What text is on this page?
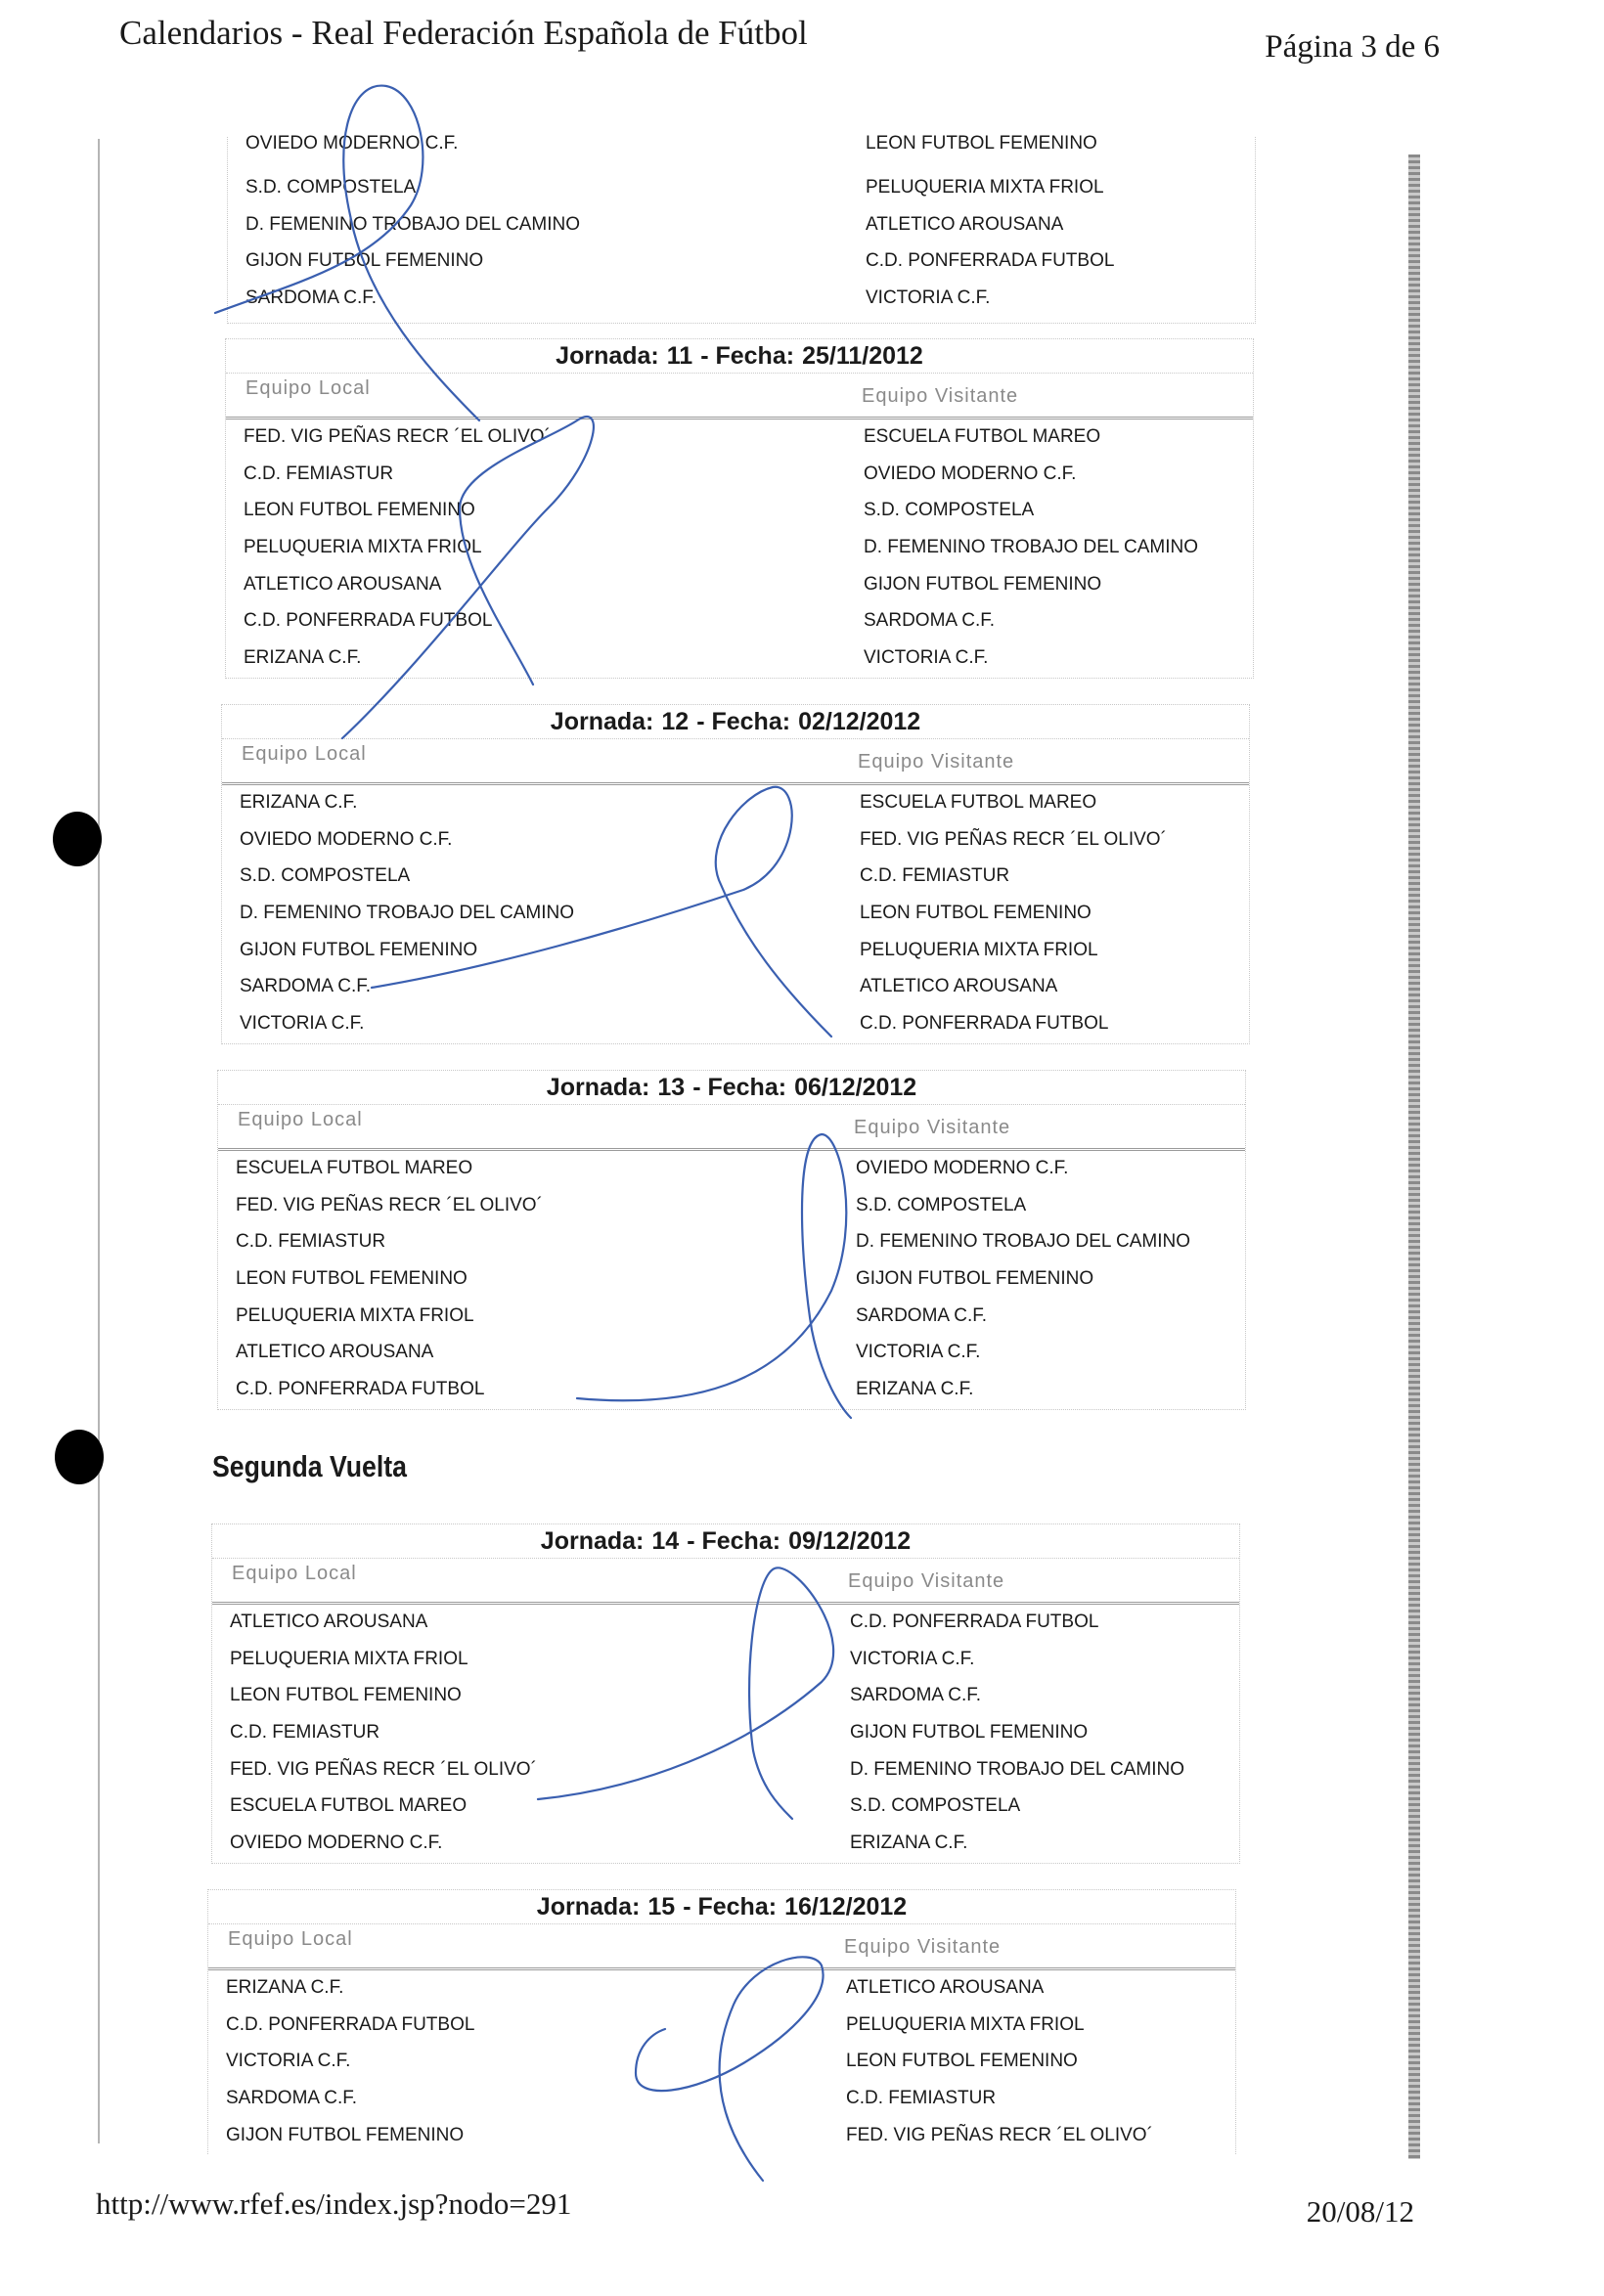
Calendarios - Real Federación Española de Fútbol	Página 3 de 6
OVIEDO MODERNO C.F.	LEON FUTBOL FEMENINO
S.D. COMPOSTELA	PELUQUERIA MIXTA FRIOL
D. FEMENINO TROBAJO DEL CAMINO	ATLETICO AROUSANA
GIJON FUTBOL FEMENINO	C.D. PONFERRADA FUTBOL
SARDOMA C.F.	VICTORIA C.F.
Jornada: 11 - Fecha: 25/11/2012
Equipo Local	Equipo Visitante
FED. VIG PEÑAS RECR ´EL OLIVO´	ESCUELA FUTBOL MAREO
C.D. FEMIASTUR	OVIEDO MODERNO C.F.
LEON FUTBOL FEMENINO	S.D. COMPOSTELA
PELUQUERIA MIXTA FRIOL	D. FEMENINO TROBAJO DEL CAMINO
ATLETICO AROUSANA	GIJON FUTBOL FEMENINO
C.D. PONFERRADA FUTBOL	SARDOMA C.F.
ERIZANA C.F.	VICTORIA C.F.
Jornada: 12 - Fecha: 02/12/2012
Equipo Local	Equipo Visitante
ERIZANA C.F.	ESCUELA FUTBOL MAREO
OVIEDO MODERNO C.F.	FED. VIG PEÑAS RECR ´EL OLIVO´
S.D. COMPOSTELA	C.D. FEMIASTUR
D. FEMENINO TROBAJO DEL CAMINO	LEON FUTBOL FEMENINO
GIJON FUTBOL FEMENINO	PELUQUERIA MIXTA FRIOL
SARDOMA C.F.	ATLETICO AROUSANA
VICTORIA C.F.	C.D. PONFERRADA FUTBOL
Jornada: 13 - Fecha: 06/12/2012
Equipo Local	Equipo Visitante
ESCUELA FUTBOL MAREO	OVIEDO MODERNO C.F.
FED. VIG PEÑAS RECR ´EL OLIVO´	S.D. COMPOSTELA
C.D. FEMIASTUR	D. FEMENINO TROBAJO DEL CAMINO
LEON FUTBOL FEMENINO	GIJON FUTBOL FEMENINO
PELUQUERIA MIXTA FRIOL	SARDOMA C.F.
ATLETICO AROUSANA	VICTORIA C.F.
C.D. PONFERRADA FUTBOL	ERIZANA C.F.
Segunda Vuelta
Jornada: 14 - Fecha: 09/12/2012
Equipo Local	Equipo Visitante
ATLETICO AROUSANA	C.D. PONFERRADA FUTBOL
PELUQUERIA MIXTA FRIOL	VICTORIA C.F.
LEON FUTBOL FEMENINO	SARDOMA C.F.
C.D. FEMIASTUR	GIJON FUTBOL FEMENINO
FED. VIG PEÑAS RECR ´EL OLIVO´	D. FEMENINO TROBAJO DEL CAMINO
ESCUELA FUTBOL MAREO	S.D. COMPOSTELA
OVIEDO MODERNO C.F.	ERIZANA C.F.
Jornada: 15 - Fecha: 16/12/2012
Equipo Local	Equipo Visitante
ERIZANA C.F.	ATLETICO AROUSANA
C.D. PONFERRADA FUTBOL	PELUQUERIA MIXTA FRIOL
VICTORIA C.F.	LEON FUTBOL FEMENINO
SARDOMA C.F.	C.D. FEMIASTUR
GIJON FUTBOL FEMENINO	FED. VIG PEÑAS RECR ´EL OLIVO´
http://www.rfef.es/index.jsp?nodo=291	20/08/12
